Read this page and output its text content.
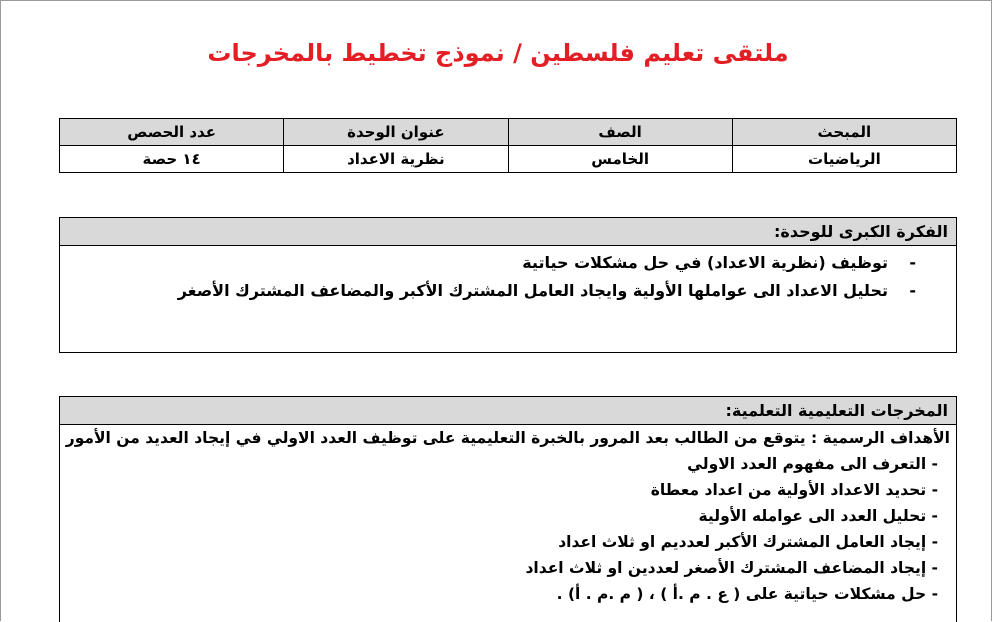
ملتقى تعليم فلسطين / نموذج تخطيط بالمخرجات
المبحث	الصف	عنوان الوحدة	عدد الحصص
الرياضيات	الخامس	نظرية الاعداد	١٤ حصة
الفكرة الكبرى للوحدة:
-
توظيف (نظرية الاعداد) في حل مشكلات حياتية
-
تحليل الاعداد الى عواملها الأولية وايجاد العامل المشترك الأكبر والمضاعف المشترك الأصغر
المخرجات التعليمية التعلمية:
الأهداف الرسمية : يتوقع من الطالب بعد المرور بالخبرة التعليمية على توظيف العدد الاولي في إيجاد العديد من الأمور
- التعرف الى مفهوم العدد الاولي
- تحديد الاعداد الأولية من اعداد معطاة
- تحليل العدد الى عوامله الأولية
- إيجاد العامل المشترك الأكبر لعدديم او ثلاث اعداد
- إيجاد المضاعف المشترك الأصغر لعددين او ثلاث اعداد
- حل مشكلات حياتية على ( ع . م .أ ) ، ( م .م . أ) .
